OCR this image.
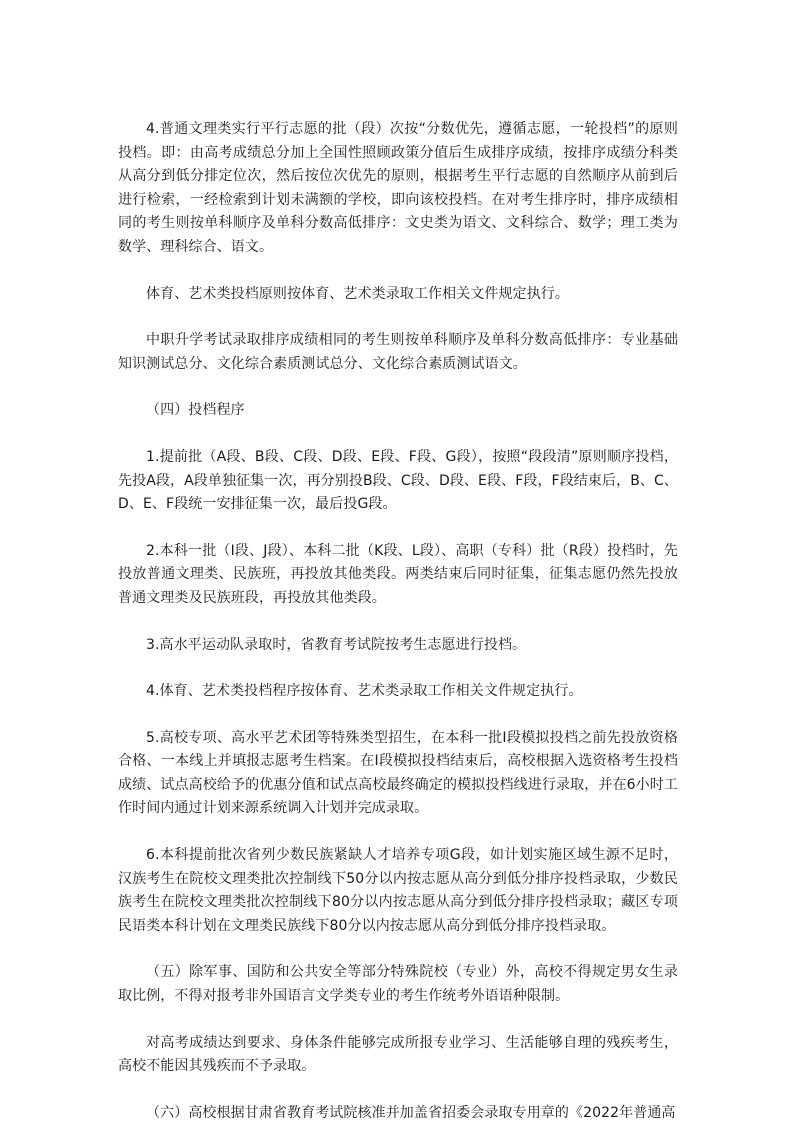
4.普通文理类实行平行志愿的批（段）次按“分数优先，遵循志愿，一轮投档”的原则投档。即：由高考成绩总分加上全国性照顾政策分值后生成排序成绩，按排序成绩分科类从高分到低分排定位次，然后按位次优先的原则，根据考生平行志愿的自然顺序从前到后进行检索，一经检索到计划未满额的学校，即向该校投档。在对考生排序时，排序成绩相同的考生则按单科顺序及单科分数高低排序：文史类为语文、文科综合、数学；理工类为数学、理科综合、语文。

体育、艺术类投档原则按体育、艺术类录取工作相关文件规定执行。

中职升学考试录取排序成绩相同的考生则按单科顺序及单科分数高低排序：专业基础知识测试总分、文化综合素质测试总分、文化综合素质测试语文。

（四）投档程序

1.提前批（A段、B段、C段、D段、E段、F段、G段），按照“段段清”原则顺序投档，先投A段，A段单独征集一次，再分别投B段、C段、D段、E段、F段，F段结束后，B、C、D、E、F段统一安排征集一次，最后投G段。

2.本科一批（I段、J段）、本科二批（K段、L段）、高职（专科）批（R段）投档时，先投放普通文理类、民族班，再投放其他类段。两类结束后同时征集，征集志愿仍然先投放普通文理类及民族班段，再投放其他类段。

3.高水平运动队录取时，省教育考试院按考生志愿进行投档。

4.体育、艺术类投档程序按体育、艺术类录取工作相关文件规定执行。

5.高校专项、高水平艺术团等特殊类型招生，在本科一批I段模拟投档之前先投放资格合格、一本线上并填报志愿考生档案。在I段模拟投档结束后，高校根据入选资格考生投档成绩、试点高校给予的优惠分值和试点高校最终确定的模拟投档线进行录取，并在6小时工作时间内通过计划来源系统调入计划并完成录取。

6.本科提前批次省列少数民族紧缺人才培养专项G段，如计划实施区域生源不足时，汉族考生在院校文理类批次控制线下50分以内按志愿从高分到低分排序投档录取，少数民族考生在院校文理类批次控制线下80分以内按志愿从高分到低分排序投档录取；藏区专项民语类本科计划在文理类民族线下80分以内按志愿从高分到低分排序投档录取。

（五）除军事、国防和公共安全等部分特殊院校（专业）外，高校不得规定男女生录取比例，不得对报考非外国语言文学类专业的考生作统考外语语种限制。

对高考成绩达到要求、身体条件能够完成所报专业学习、生活能够自理的残疾考生，高校不能因其残疾而不予录取。

（六）高校根据甘肃省教育考试院核准并加盖省招委会录取专用章的《2022年普通高
